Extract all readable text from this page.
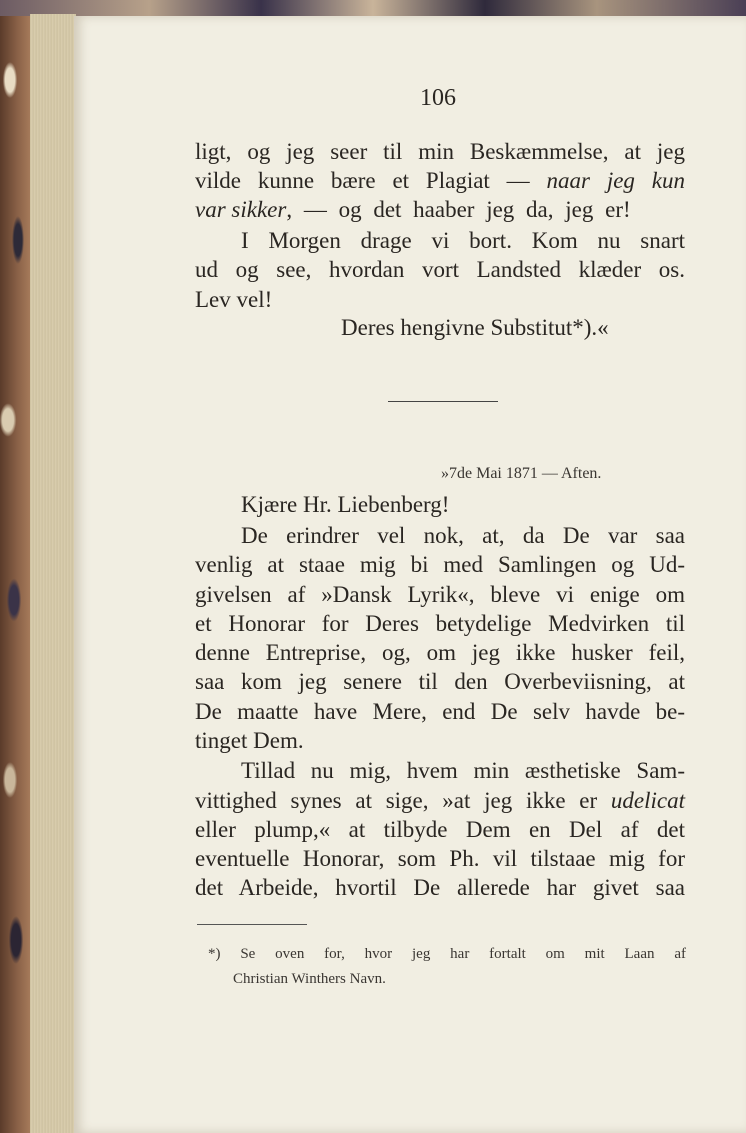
106
ligt, og jeg seer til min Beskæmmelse, at jeg
vilde kunne bære et Plagiat — naar jeg kun
var sikker, — og det haaber jeg da, jeg er!
I Morgen drage vi bort. Kom nu snart
ud og see, hvordan vort Landsted klæder os.
Lev vel!
Deres hengivne Substitut*).«
»7de Mai 1871 — Aften.
Kjære Hr. Liebenberg!
De erindrer vel nok, at, da De var saa
venlig at staae mig bi med Samlingen og Ud-
givelsen af »Dansk Lyrik«, bleve vi enige om
et Honorar for Deres betydelige Medvirken til
denne Entreprise, og, om jeg ikke husker feil,
saa kom jeg senere til den Overbeviisning, at
De maatte have Mere, end De selv havde be-
tinget Dem.
Tillad nu mig, hvem min æsthetiske Sam-
vittighed synes at sige, »at jeg ikke er udelicat
eller plump,« at tilbyde Dem en Del af det
eventuelle Honorar, som Ph. vil tilstaae mig for
det Arbeide, hvortil De allerede har givet saa
*) Se oven for, hvor jeg har fortalt om mit Laan af
Christian Winthers Navn.
